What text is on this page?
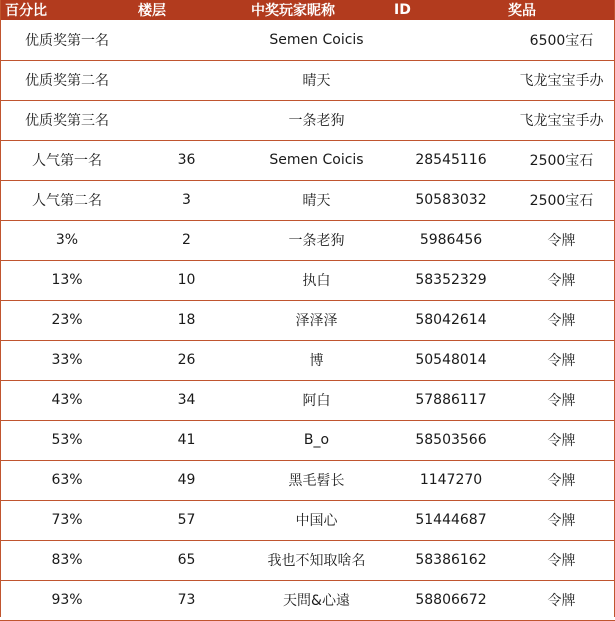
百分比	楼层	中奖玩家昵称	ID	奖品
优质奖第一名		Semen Coicis		6500宝石
优质奖第二名		晴天		飞龙宝宝手办
优质奖第三名		一条老狗		飞龙宝宝手办
人气第一名	36	Semen Coicis	28545116	2500宝石
人气第二名	3	晴天	50583032	2500宝石
3%	2	一条老狗	5986456	令牌
13%	10	执白	58352329	令牌
23%	18	泽泽泽	58042614	令牌
33%	26	博	50548014	令牌
43%	34	阿白	57886117	令牌
53%	41	B_o	58503566	令牌
63%	49	黑毛髫长	1147270	令牌
73%	57	中国心	51444687	令牌
83%	65	我也不知取啥名	58386162	令牌
93%	73	天問&心遠	58806672	令牌
